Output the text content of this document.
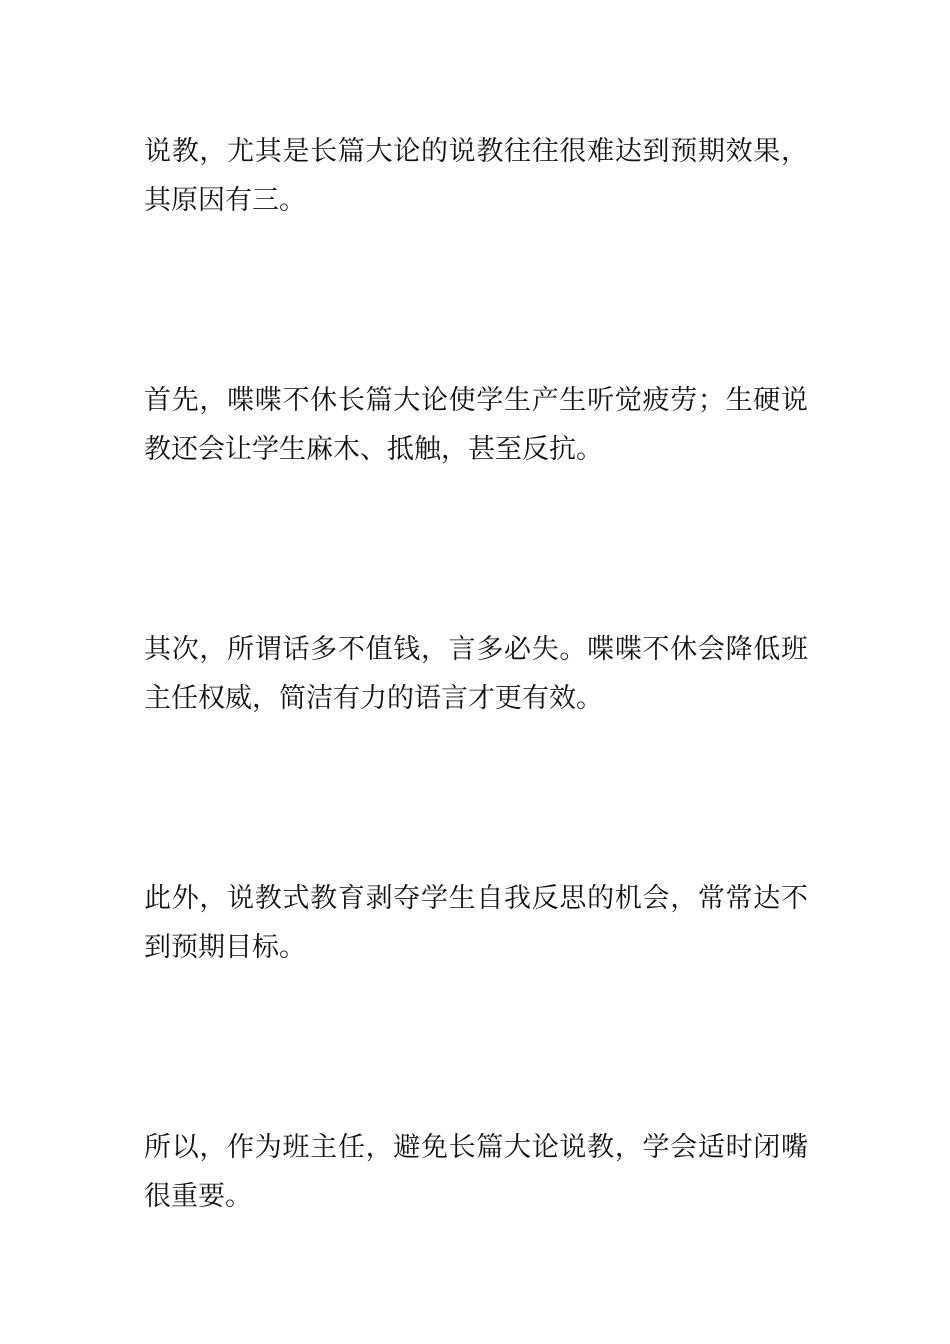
说教，尤其是长篇大论的说教往往很难达到预期效果，其原因有三。

首先，喋喋不休长篇大论使学生产生听觉疲劳；生硬说教还会让学生麻木、抵触，甚至反抗。

其次，所谓话多不值钱，言多必失。喋喋不休会降低班主任权威，简洁有力的语言才更有效。

此外，说教式教育剥夺学生自我反思的机会，常常达不到预期目标。

所以，作为班主任，避免长篇大论说教，学会适时闭嘴很重要。
